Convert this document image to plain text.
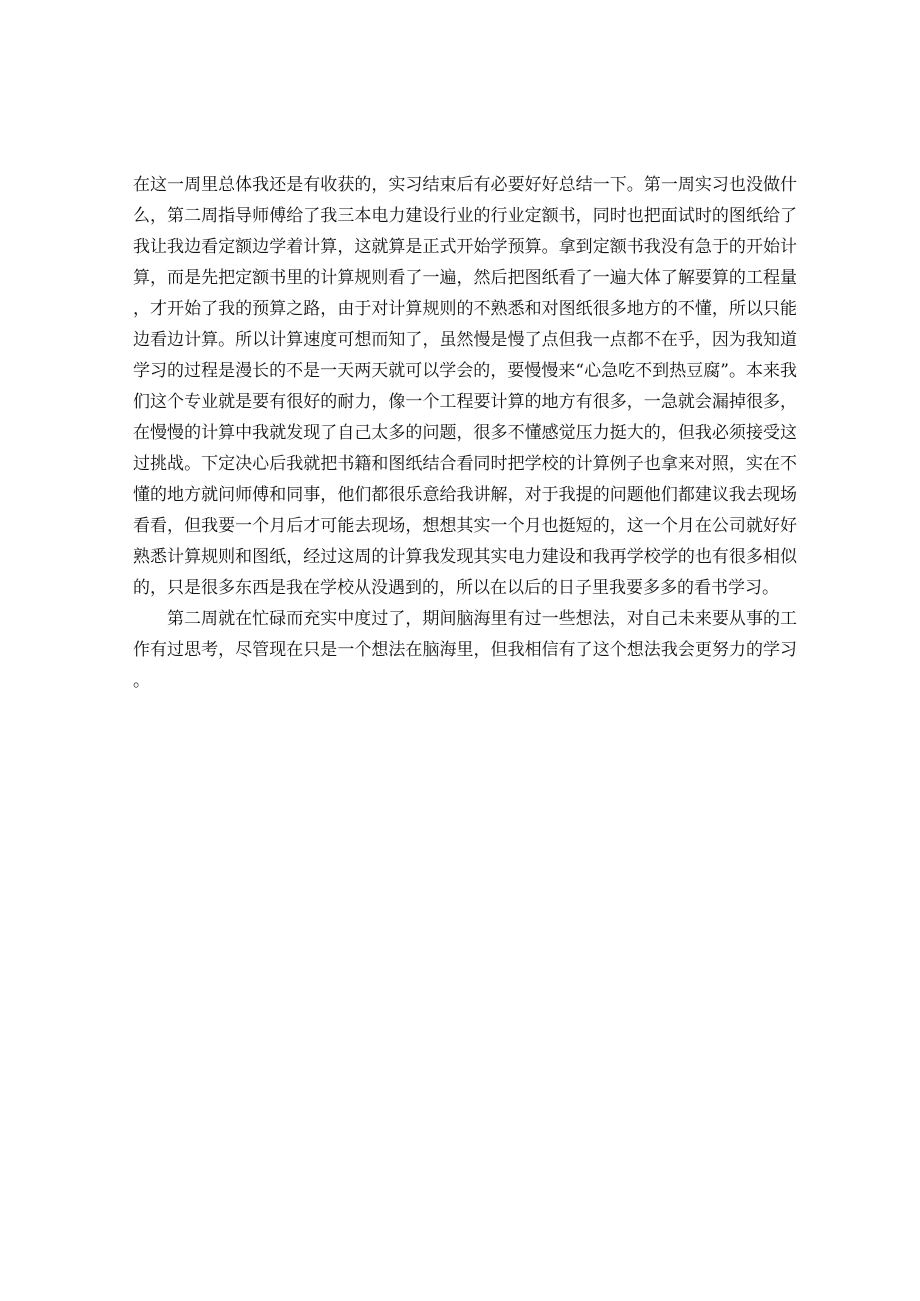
在这一周里总体我还是有收获的，实习结束后有必要好好总结一下。第一周实习也没做什么，第二周指导师傅给了我三本电力建设行业的行业定额书，同时也把面试时的图纸给了我让我边看定额边学着计算，这就算是正式开始学预算。拿到定额书我没有急于的开始计算，而是先把定额书里的计算规则看了一遍，然后把图纸看了一遍大体了解要算的工程量，才开始了我的预算之路，由于对计算规则的不熟悉和对图纸很多地方的不懂，所以只能边看边计算。所以计算速度可想而知了，虽然慢是慢了点但我一点都不在乎，因为我知道学习的过程是漫长的不是一天两天就可以学会的，要慢慢来“心急吃不到热豆腐”。本来我们这个专业就是要有很好的耐力，像一个工程要计算的地方有很多，一急就会漏掉很多，在慢慢的计算中我就发现了自己太多的问题，很多不懂感觉压力挺大的，但我必须接受这过挑战。下定决心后我就把书籍和图纸结合看同时把学校的计算例子也拿来对照，实在不懂的地方就问师傅和同事，他们都很乐意给我讲解，对于我提的问题他们都建议我去现场看看，但我要一个月后才可能去现场，想想其实一个月也挺短的，这一个月在公司就好好熟悉计算规则和图纸，经过这周的计算我发现其实电力建设和我再学校学的也有很多相似的，只是很多东西是我在学校从没遇到的，所以在以后的日子里我要多多的看书学习。

第二周就在忙碌而充实中度过了，期间脑海里有过一些想法，对自己未来要从事的工作有过思考，尽管现在只是一个想法在脑海里，但我相信有了这个想法我会更努力的学习。
